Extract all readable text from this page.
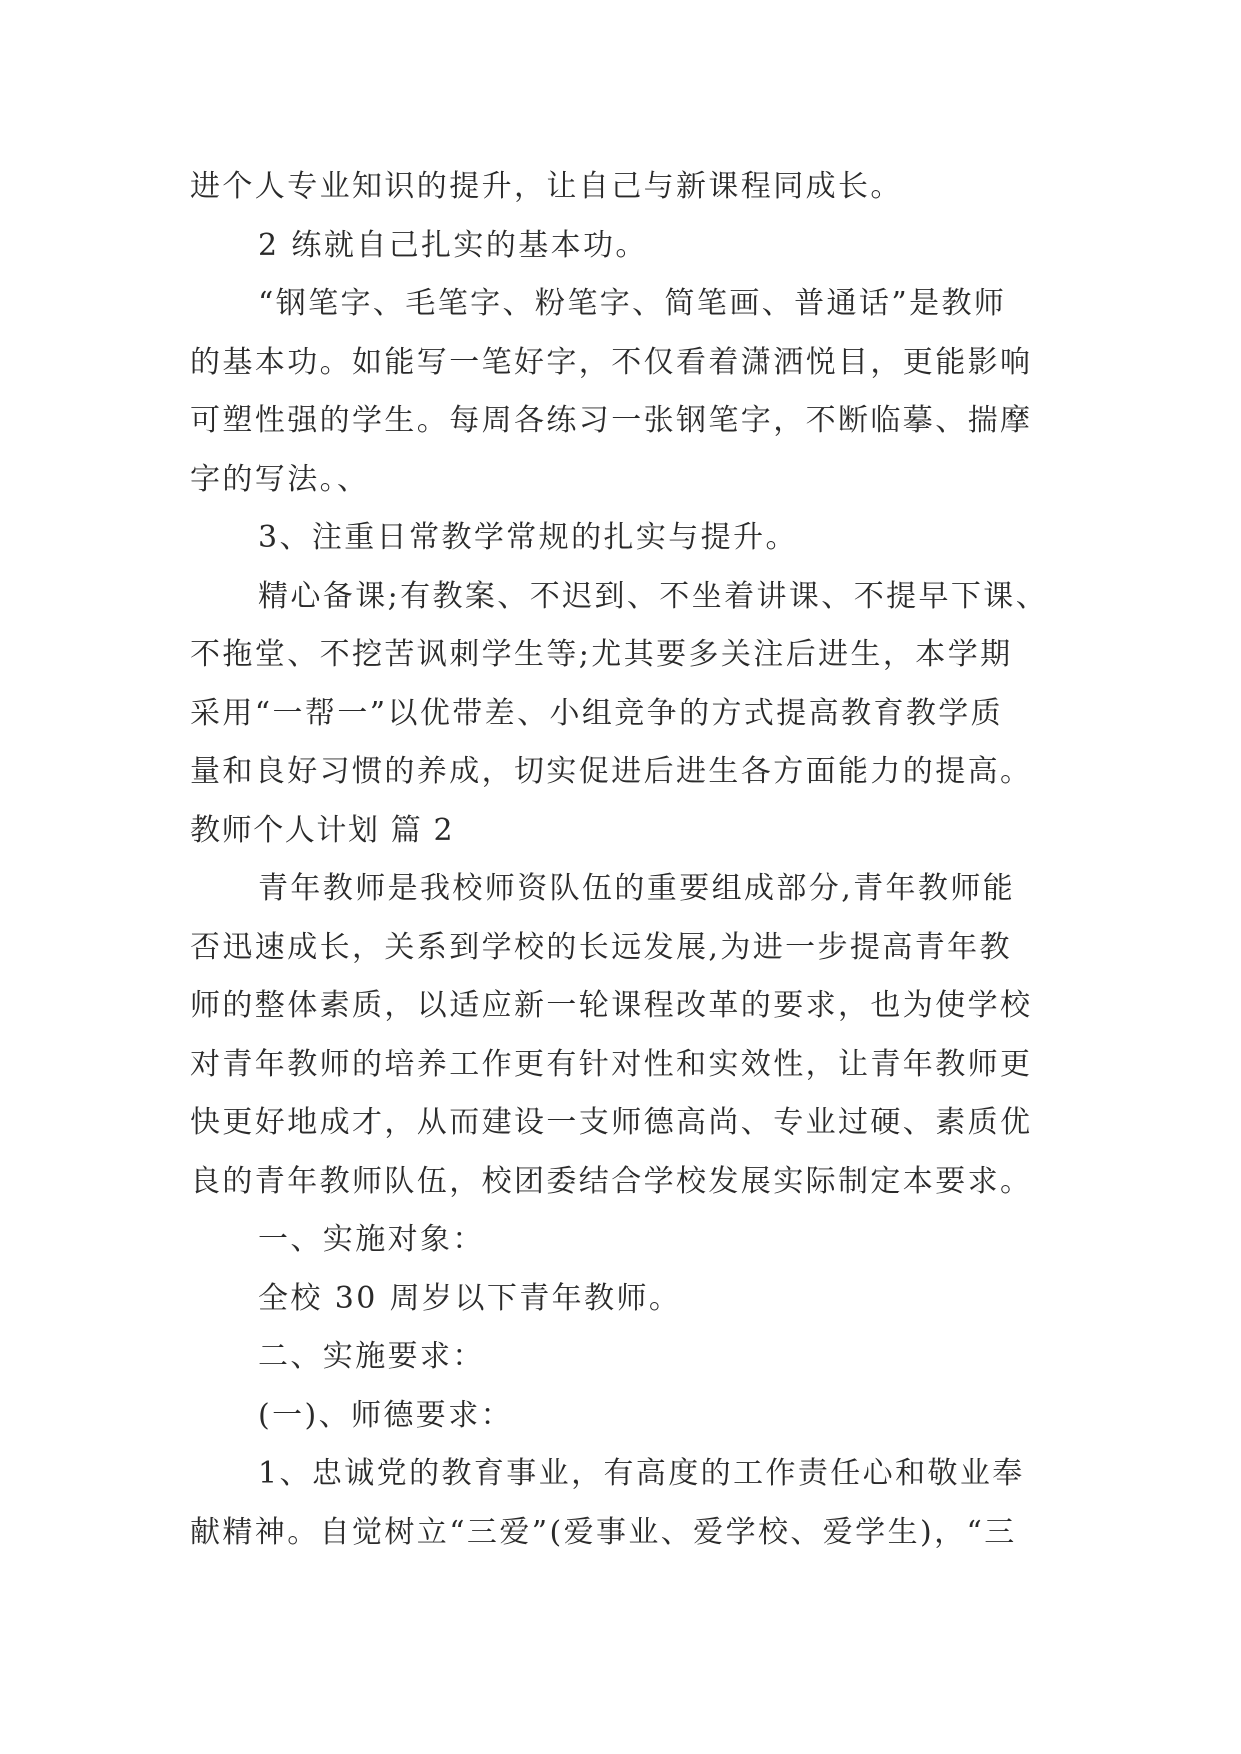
进个人专业知识的提升，让自己与新课程同成长。
2 练就自己扎实的基本功。
“钢笔字、毛笔字、粉笔字、简笔画、普通话”是教师
的基本功。如能写一笔好字，不仅看着潇洒悦目，更能影响
可塑性强的学生。每周各练习一张钢笔字，不断临摹、揣摩
字的写法。、
3、注重日常教学常规的扎实与提升。
精心备课;有教案、不迟到、不坐着讲课、不提早下课、
不拖堂、不挖苦讽刺学生等;尤其要多关注后进生，本学期
采用“一帮一”以优带差、小组竞争的方式提高教育教学质
量和良好习惯的养成，切实促进后进生各方面能力的提高。
教师个人计划 篇 2
青年教师是我校师资队伍的重要组成部分,青年教师能
否迅速成长，关系到学校的长远发展,为进一步提高青年教
师的整体素质，以适应新一轮课程改革的要求，也为使学校
对青年教师的培养工作更有针对性和实效性，让青年教师更
快更好地成才，从而建设一支师德高尚、专业过硬、素质优
良的青年教师队伍，校团委结合学校发展实际制定本要求。
一、实施对象：
全校 30 周岁以下青年教师。
二、实施要求：
(一)、师德要求：
1、忠诚党的教育事业，有高度的工作责任心和敬业奉
献精神。自觉树立“三爱”(爱事业、爱学校、爱学生)，“三
